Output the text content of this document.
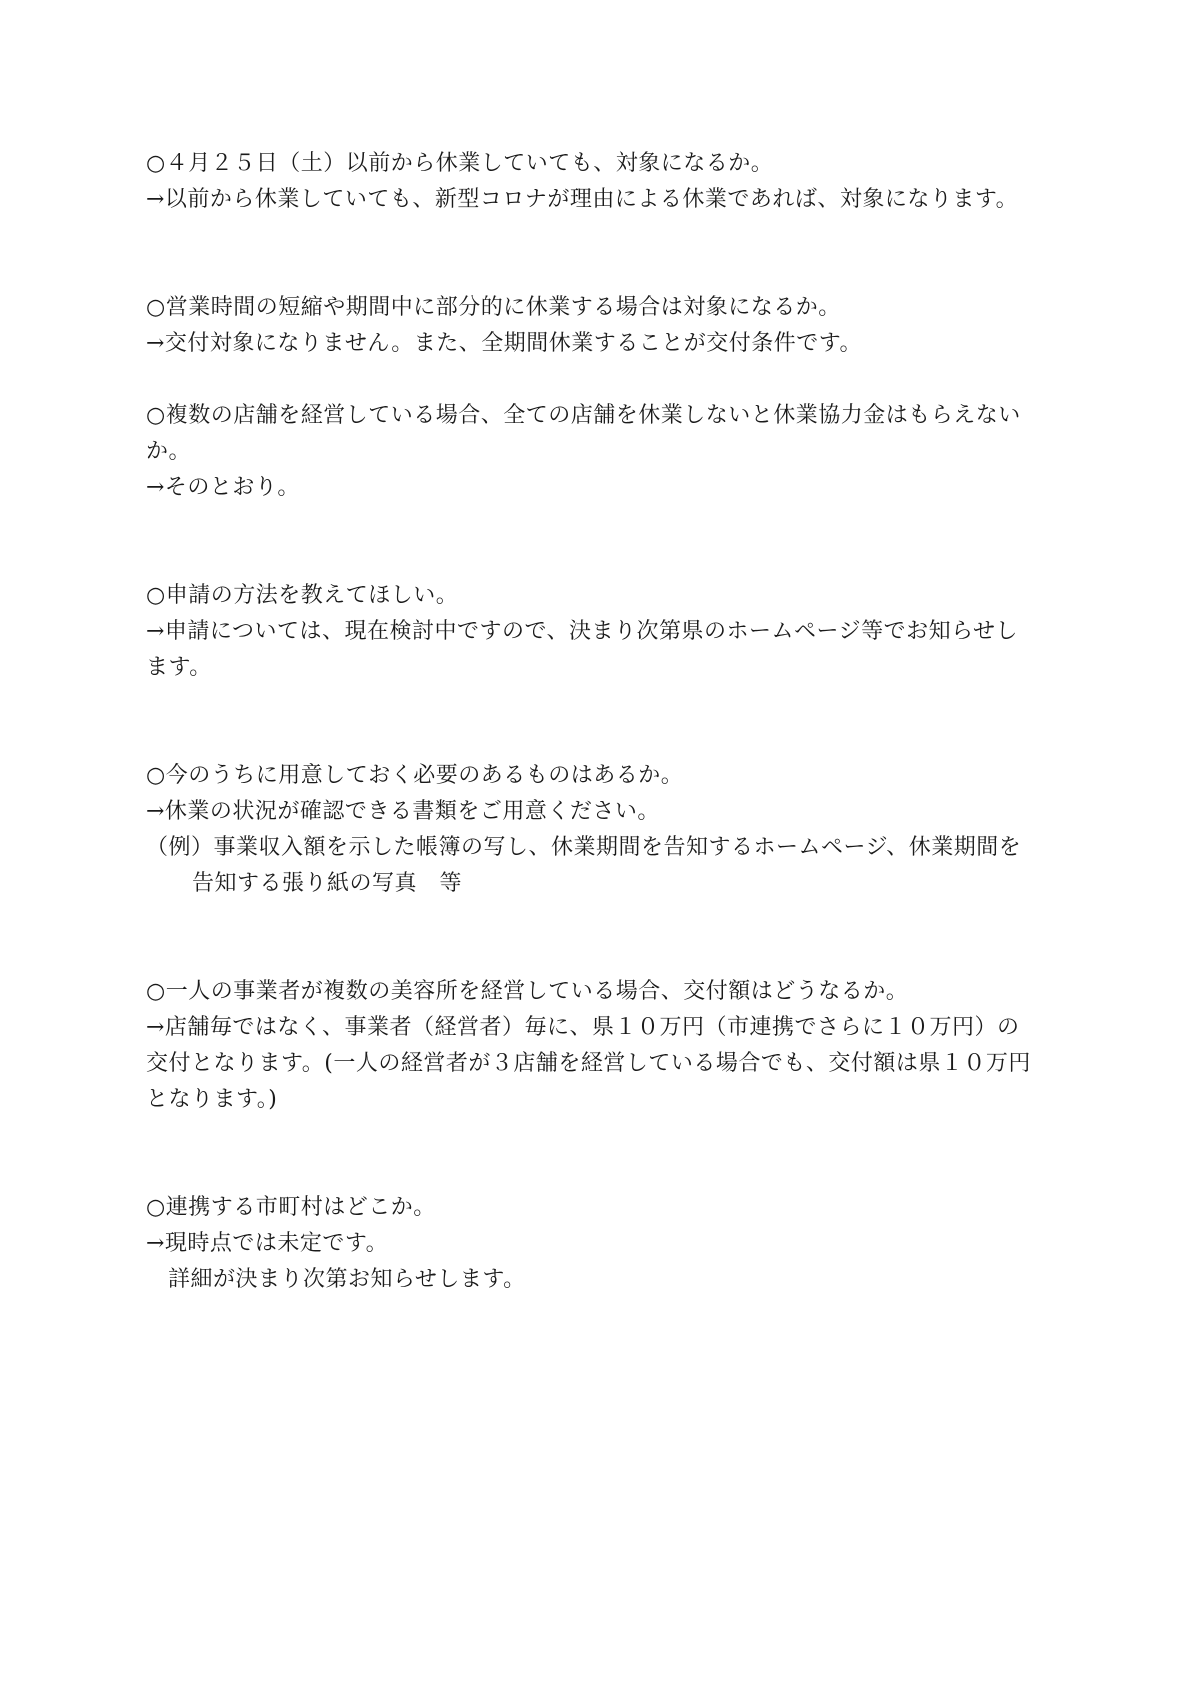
○４月２５日（土）以前から休業していても、対象になるか。
→以前から休業していても、新型コロナが理由による休業であれば、対象になります。
○営業時間の短縮や期間中に部分的に休業する場合は対象になるか。
→交付対象になりません。また、全期間休業することが交付条件です。
○複数の店舗を経営している場合、全ての店舗を休業しないと休業協力金はもらえない
か。
→そのとおり。
○申請の方法を教えてほしい。
→申請については、現在検討中ですので、決まり次第県のホームページ等でお知らせし
ます。
○今のうちに用意しておく必要のあるものはあるか。
→休業の状況が確認できる書類をご用意ください。
（例）事業収入額を示した帳簿の写し、休業期間を告知するホームページ、休業期間を
告知する張り紙の写真　等
○一人の事業者が複数の美容所を経営している場合、交付額はどうなるか。
→店舗毎ではなく、事業者（経営者）毎に、県１０万円（市連携でさらに１０万円）の
交付となります。(一人の経営者が３店舗を経営している場合でも、交付額は県１０万円
となります。)
○連携する市町村はどこか。
→現時点では未定です。
詳細が決まり次第お知らせします。
